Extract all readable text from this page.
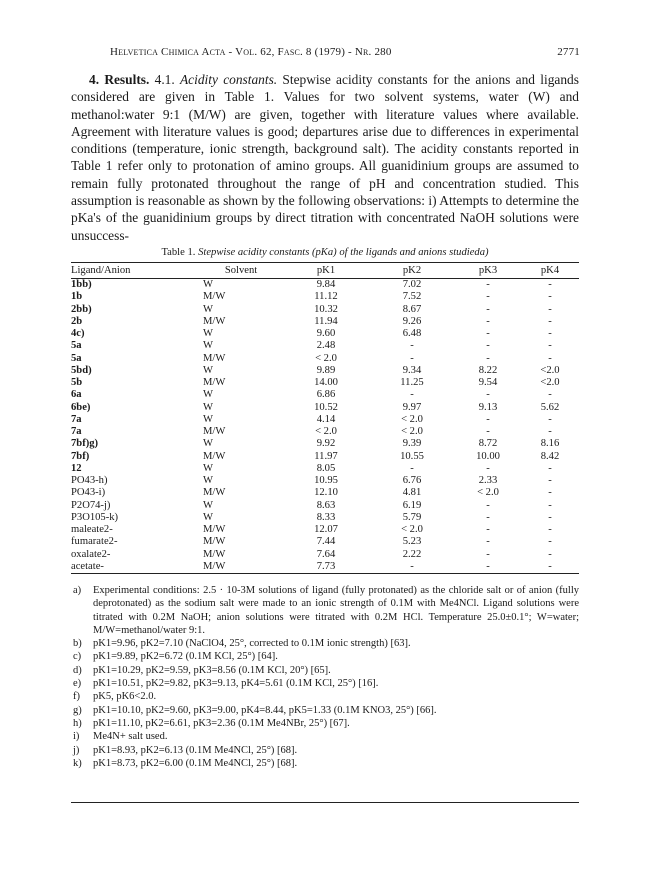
Helvetica Chimica Acta - Vol. 62, Fasc. 8 (1979) - Nr. 280	2771

4. Results. 4.1. Acidity constants. Stepwise acidity constants for the anions and ligands considered are given in Table 1. Values for two solvent systems, water (W) and methanol:water 9:1 (M/W) are given, together with literature values where available. Agreement with literature values is good; departures arise due to differences in experimental conditions (temperature, ionic strength, background salt). The acidity constants reported in Table 1 refer only to protonation of amino groups. All guanidinium groups are assumed to remain fully protonated throughout the range of pH and concentration studied. This assumption is reasonable as shown by the following observations: i) Attempts to determine the pKa's of the guanidinium groups by direct titration with concentrated NaOH solutions were unsuccess-

Table 1. Stepwise acidity constants (pKa) of the ligands and anions studieda)
Ligand/Anion	Solvent	pK1	pK2	pK3	pK4
1bb)	W	9.84	7.02	-	-
1b	M/W	11.12	7.52	-	-
2bb)	W	10.32	8.67	-	-
2b	M/W	11.94	9.26	-	-
4c)	W	9.60	6.48	-	-
5a	W	2.48	-	-	-
5a	M/W	< 2.0	-	-	-
5bd)	W	9.89	9.34	8.22	<2.0
5b	M/W	14.00	11.25	9.54	<2.0
6a	W	6.86	-	-	-
6be)	W	10.52	9.97	9.13	5.62
7a	W	4.14	< 2.0	-	-
7a	M/W	< 2.0	< 2.0	-	-
7bf)g)	W	9.92	9.39	8.72	8.16
7bf)	M/W	11.97	10.55	10.00	8.42
12	W	8.05	-	-	-
PO43-h)	W	10.95	6.76	2.33	-
PO43-i)	M/W	12.10	4.81	< 2.0	-
P2O74-j)	W	8.63	6.19	-	-
P3O105-k)	W	8.33	5.79	-	-
maleate2-	M/W	12.07	< 2.0	-	-
fumarate2-	M/W	7.44	5.23	-	-
oxalate2-	M/W	7.64	2.22	-	-
acetate-	M/W	7.73	-	-	-
a) Experimental conditions: 2.5 · 10-3M solutions of ligand (fully protonated) as the chloride salt or of anion (fully deprotonated) as the sodium salt were made to an ionic strength of 0.1M with Me4NCl. Ligand solutions were titrated with 0.2M NaOH; anion solutions were titrated with 0.2M HCl. Temperature 25.0±0.1°; W=water; M/W=methanol/water 9:1.
b) pK1=9.96, pK2=7.10 (NaClO4, 25°, corrected to 0.1M ionic strength) [63].
c) pK1=9.89, pK2=6.72 (0.1M KCl, 25°) [64].
d) pK1=10.29, pK2=9.59, pK3=8.56 (0.1M KCl, 20°) [65].
e) pK1=10.51, pK2=9.82, pK3=9.13, pK4=5.61 (0.1M KCl, 25°) [16].
f) pK5, pK6<2.0.
g) pK1=10.10, pK2=9.60, pK3=9.00, pK4=8.44, pK5=1.33 (0.1M KNO3, 25°) [66].
h) pK1=11.10, pK2=6.61, pK3=2.36 (0.1M Me4NBr, 25°) [67].
i) Me4N+ salt used.
j) pK1=8.93, pK2=6.13 (0.1M Me4NCl, 25°) [68].
k) pK1=8.73, pK2=6.00 (0.1M Me4NCl, 25°) [68].
